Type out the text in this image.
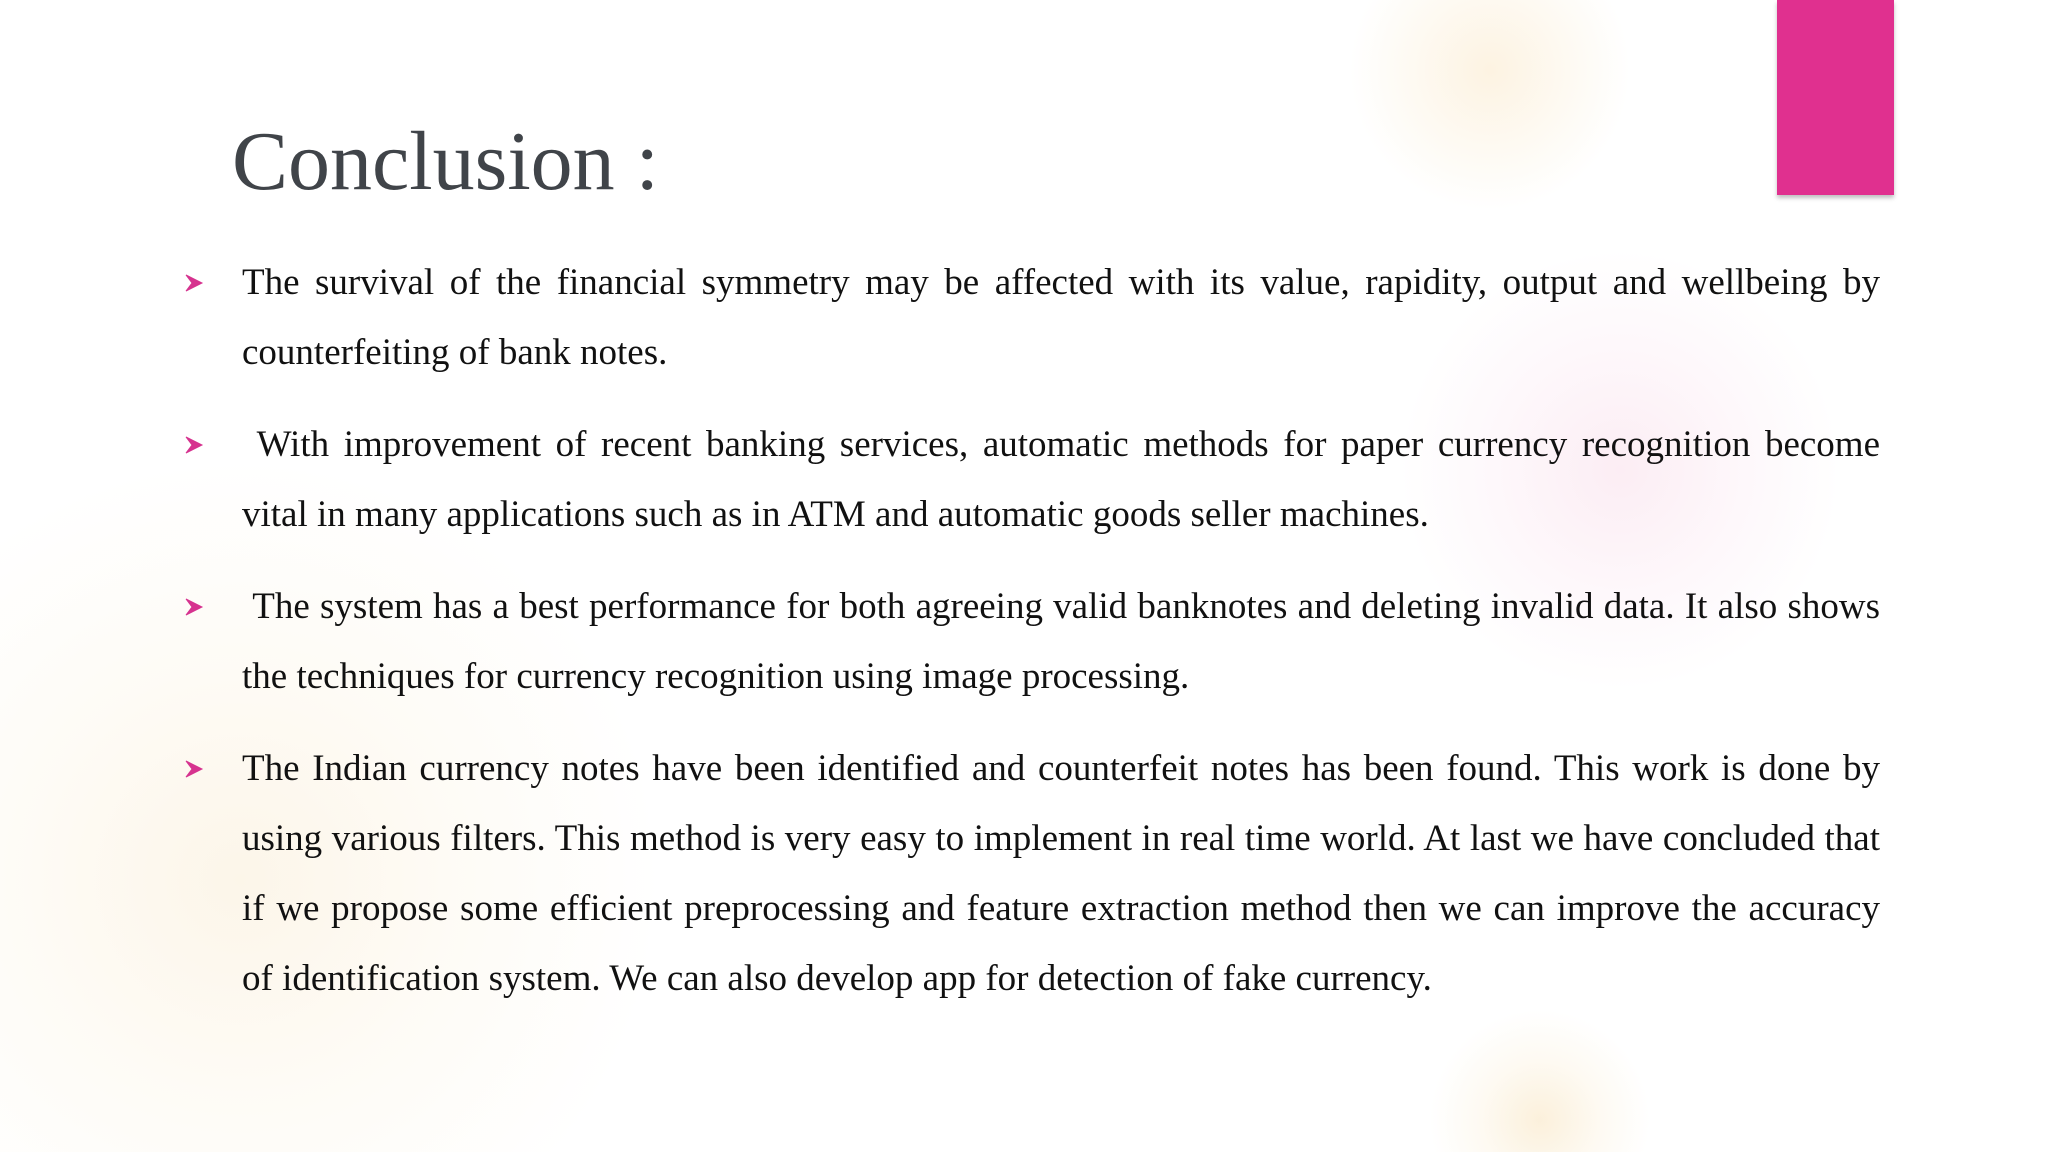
Conclusion :
The survival of the financial symmetry may be affected with its value, rapidity, output and wellbeing by counterfeiting of bank notes.
With improvement of recent banking services, automatic methods for paper currency recognition become vital in many applications such as in ATM and automatic goods seller machines.
The system has a best performance for both agreeing valid banknotes and deleting invalid data. It also shows the techniques for currency recognition using image processing.
The Indian currency notes have been identified and counterfeit notes has been found. This work is done by using various filters. This method is very easy to implement in real time world. At last we have concluded that if we propose some efficient preprocessing and feature extraction method then we can improve the accuracy of identification system. We can also develop app for detection of fake currency.
